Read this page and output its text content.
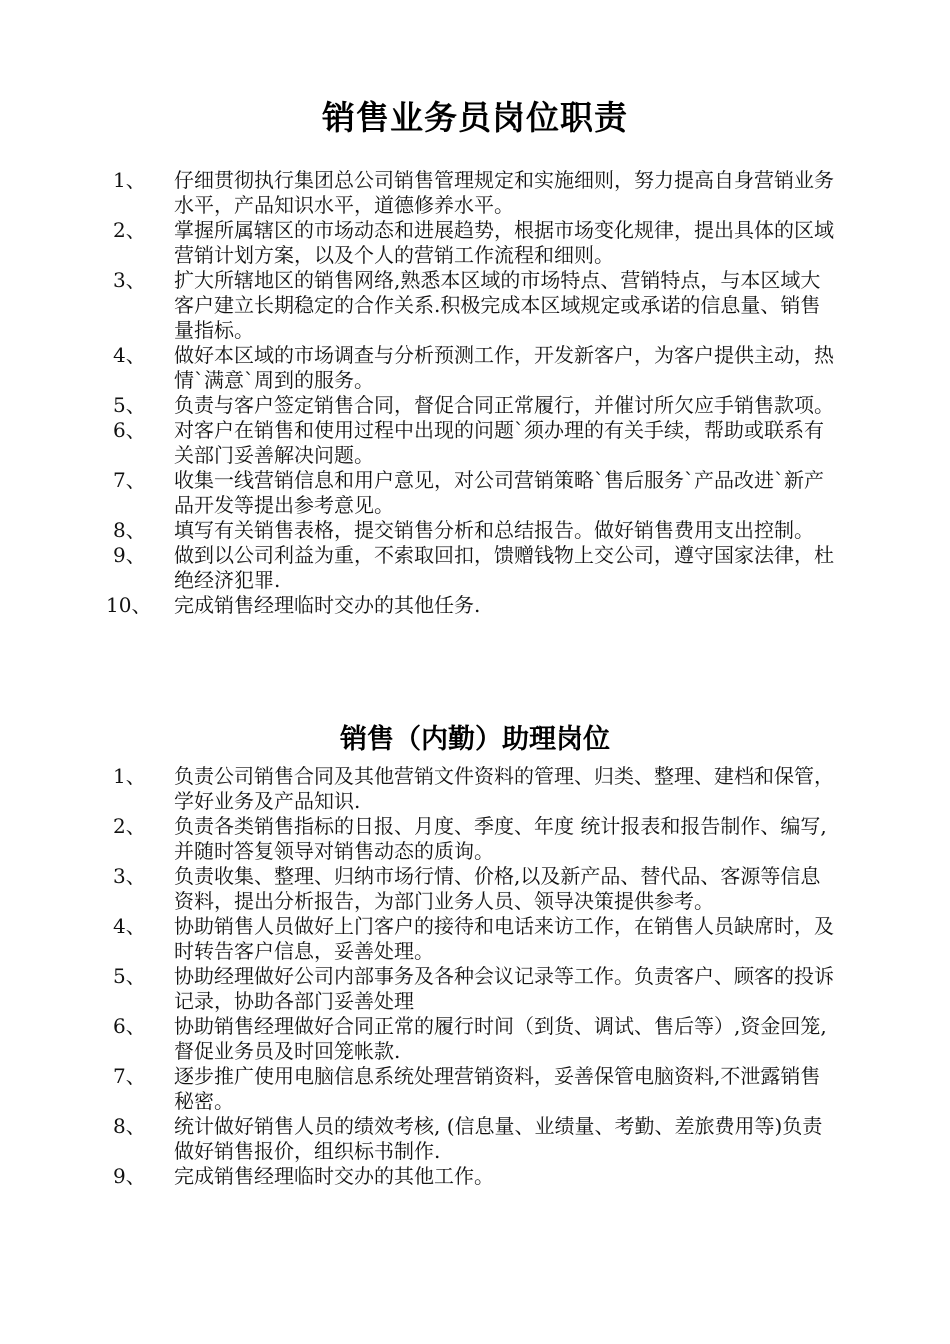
销售业务员岗位职责
1、 仔细贯彻执行集团总公司销售管理规定和实施细则，努力提高自身营销业务水平，产品知识水平，道德修养水平。
2、 掌握所属辖区的市场动态和进展趋势，根据市场变化规律，提出具体的区域营销计划方案，以及个人的营销工作流程和细则。
3、 扩大所辖地区的销售网络,熟悉本区域的市场特点、营销特点，与本区域大客户建立长期稳定的合作关系.积极完成本区域规定或承诺的信息量、销售量指标。
4、 做好本区域的市场调查与分析预测工作，开发新客户，为客户提供主动，热情`满意`周到的服务。
5、 负责与客户签定销售合同，督促合同正常履行，并催讨所欠应手销售款项。
6、 对客户在销售和使用过程中出现的问题`须办理的有关手续，帮助或联系有关部门妥善解决问题。
7、 收集一线营销信息和用户意见，对公司营销策略`售后服务`产品改进`新产品开发等提出参考意见。
8、 填写有关销售表格，提交销售分析和总结报告。做好销售费用支出控制。
9、 做到以公司利益为重，不索取回扣，馈赠钱物上交公司，遵守国家法律，杜绝经济犯罪.
10、 完成销售经理临时交办的其他任务.
销售（内勤）助理岗位
1、 负责公司销售合同及其他营销文件资料的管理、归类、整理、建档和保管，学好业务及产品知识.
2、 负责各类销售指标的日报、月度、季度、年度 统计报表和报告制作、编写,并随时答复领导对销售动态的质询。
3、 负责收集、整理、归纳市场行情、价格,以及新产品、替代品、客源等信息资料，提出分析报告，为部门业务人员、领导决策提供参考。
4、 协助销售人员做好上门客户的接待和电话来访工作，在销售人员缺席时，及时转告客户信息，妥善处理。
5、 协助经理做好公司内部事务及各种会议记录等工作。负责客户、顾客的投诉记录，协助各部门妥善处理
6、 协助销售经理做好合同正常的履行时间（到货、调试、售后等）,资金回笼,督促业务员及时回笼帐款.
7、 逐步推广使用电脑信息系统处理营销资料，妥善保管电脑资料,不泄露销售秘密。
8、 统计做好销售人员的绩效考核, (信息量、业绩量、考勤、差旅费用等)负责做好销售报价，组织标书制作.
9、 完成销售经理临时交办的其他工作。
